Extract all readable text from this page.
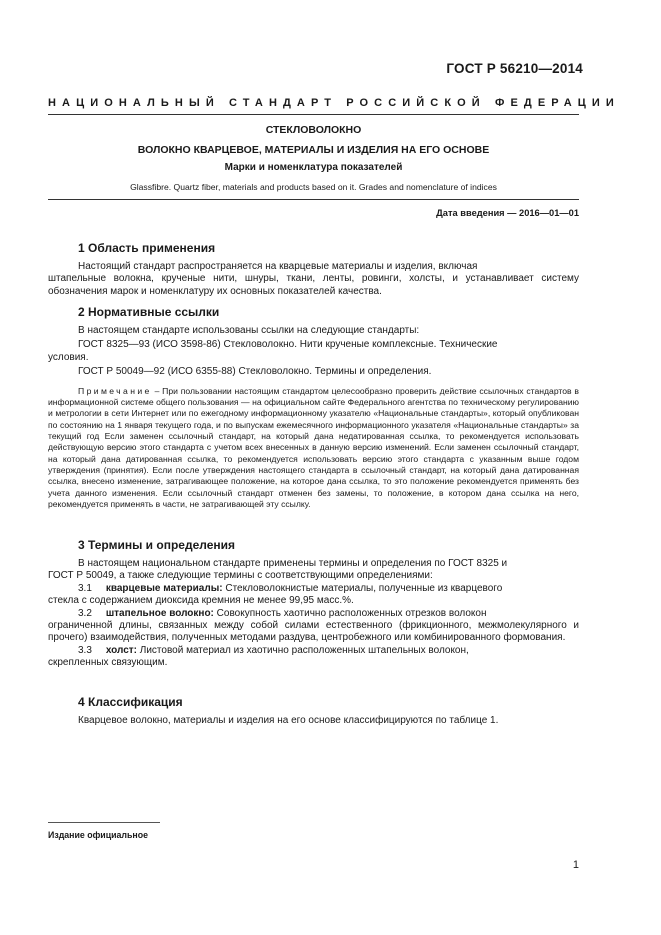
ГОСТ Р 56210—2014
НАЦИОНАЛЬНЫЙ СТАНДАРТ РОССИЙСКОЙ ФЕДЕРАЦИИ
СТЕКЛОВОЛОКНО
ВОЛОКНО КВАРЦЕВОЕ, МАТЕРИАЛЫ И ИЗДЕЛИЯ НА ЕГО ОСНОВЕ
Марки и номенклатура показателей
Glassfibre. Quartz fiber, materials and products based on it. Grades and nomenclature of indices
Дата введения — 2016—01—01
1 Область применения

Настоящий стандарт распространяется на кварцевые материалы и изделия, включая

штапельные волокна, крученые нити, шнуры, ткани, ленты, ровинги, холсты, и устанавливает систему обозначения марок и номенклатуру их основных показателей качества.

2 Нормативные ссылки

В настоящем стандарте использованы ссылки на следующие стандарты:

ГОСТ 8325—93 (ИСО 3598-86) Стекловолокно. Нити крученые комплексные. Технические

условия.

ГОСТ Р 50049—92 (ИСО 6355-88) Стекловолокно. Термины и определения.

Примечание – При пользовании настоящим стандартом целесообразно проверить действие ссылочных стандартов в информационной системе общего пользования — на официальном сайте Федерального агентства по техническому регулированию и метрологии в сети Интернет или по ежегодному информационному указателю «Национальные стандарты», который опубликован по состоянию на 1 января текущего года, и по выпускам ежемесячного информационного указателя «Национальные стандарты» за текущий год Если заменен ссылочный стандарт, на который дана недатированная ссылка, то рекомендуется использовать действующую версию этого стандарта с учетом всех внесенных в данную версию изменений. Если заменен ссылочный стандарт, на который дана датированная ссылка, то рекомендуется использовать версию этого стандарта с указанным выше годом утверждения (принятия). Если после утверждения настоящего стандарта в ссылочный стандарт, на который дана датированная ссылка, внесено изменение, затрагивающее положение, на которое дана ссылка, то это положение рекомендуется применять без учета данного изменения. Если ссылочный стандарт отменен без замены, то положение, в котором дана ссылка на него, рекомендуется применять в части, не затрагивающей эту ссылку.

3 Термины и определения

В настоящем национальном стандарте применены термины и определения по ГОСТ 8325 и

ГОСТ Р 50049, а также следующие термины с соответствующими определениями:

3.1 кварцевые материалы: Стекловолокнистые материалы, полученные из кварцевого

стекла с содержанием диоксида кремния не менее 99,95 масс.%.

3.2 штапельное волокно: Совокупность хаотично расположенных отрезков волокон

ограниченной длины, связанных между собой силами естественного (фрикционного, межмолекулярного и прочего) взаимодействия, полученных методами раздува, центробежного или комбинированного формования.

3.3 холст: Листовой материал из хаотично расположенных штапельных волокон,

скрепленных связующим.

4 Классификация

Кварцевое волокно, материалы и изделия на его основе классифицируются по таблице 1.

Издание официальное
1
